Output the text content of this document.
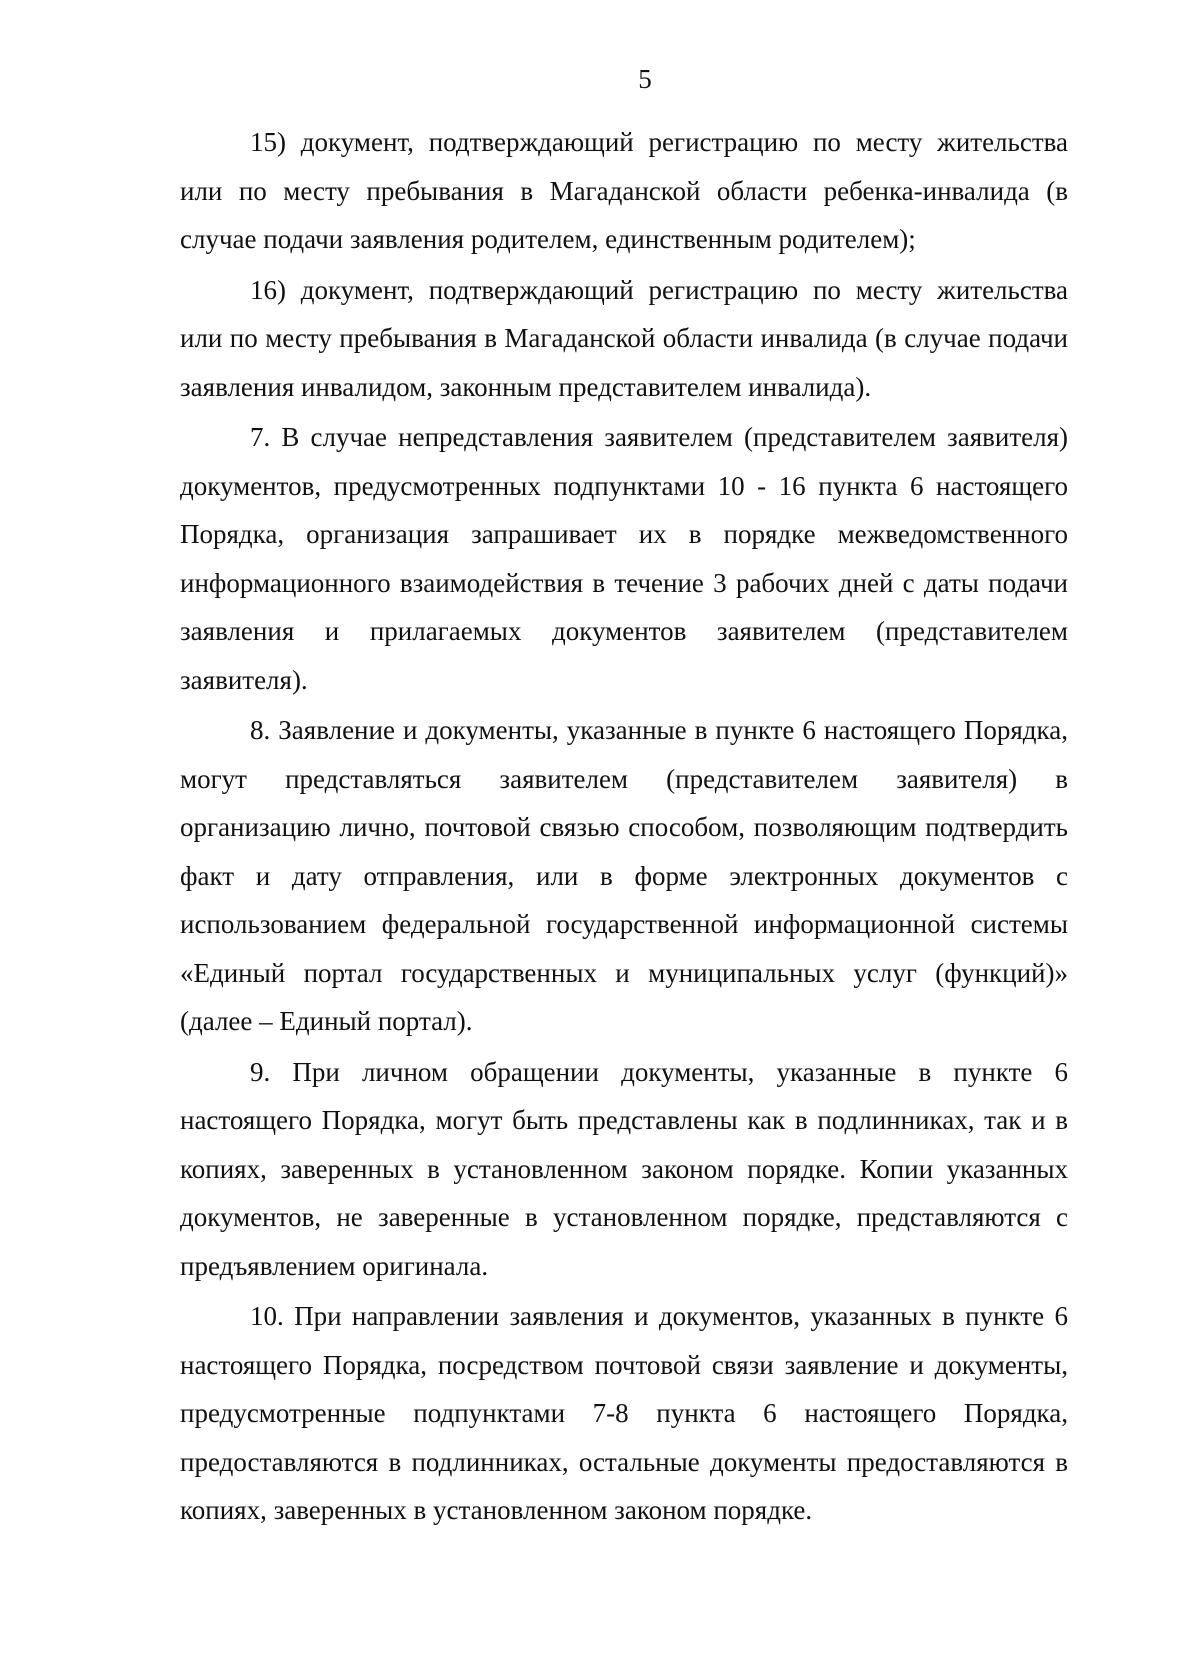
5

15) документ, подтверждающий регистрацию по месту жительства или по месту пребывания в Магаданской области ребенка-инвалида (в случае подачи заявления родителем, единственным родителем);

16) документ, подтверждающий регистрацию по месту жительства или по месту пребывания в Магаданской области инвалида (в случае подачи заявления инвалидом, законным представителем инвалида).

7. В случае непредставления заявителем (представителем заявителя) документов, предусмотренных подпунктами 10 - 16 пункта 6 настоящего Порядка, организация запрашивает их в порядке межведомственного информационного взаимодействия в течение 3 рабочих дней с даты подачи заявления и прилагаемых документов заявителем (представителем заявителя).

8. Заявление и документы, указанные в пункте 6 настоящего Порядка, могут представляться заявителем (представителем заявителя) в организацию лично, почтовой связью способом, позволяющим подтвердить факт и дату отправления, или в форме электронных документов с использованием федеральной государственной информационной системы «Единый портал государственных и муниципальных услуг (функций)» (далее – Единый портал).

9. При личном обращении документы, указанные в пункте 6 настоящего Порядка, могут быть представлены как в подлинниках, так и в копиях, заверенных в установленном законом порядке. Копии указанных документов, не заверенные в установленном порядке, представляются с предъявлением оригинала.

10. При направлении заявления и документов, указанных в пункте 6 настоящего Порядка, посредством почтовой связи заявление и документы, предусмотренные подпунктами 7-8 пункта 6 настоящего Порядка, предоставляются в подлинниках, остальные документы предоставляются в копиях, заверенных в установленном законом порядке.
